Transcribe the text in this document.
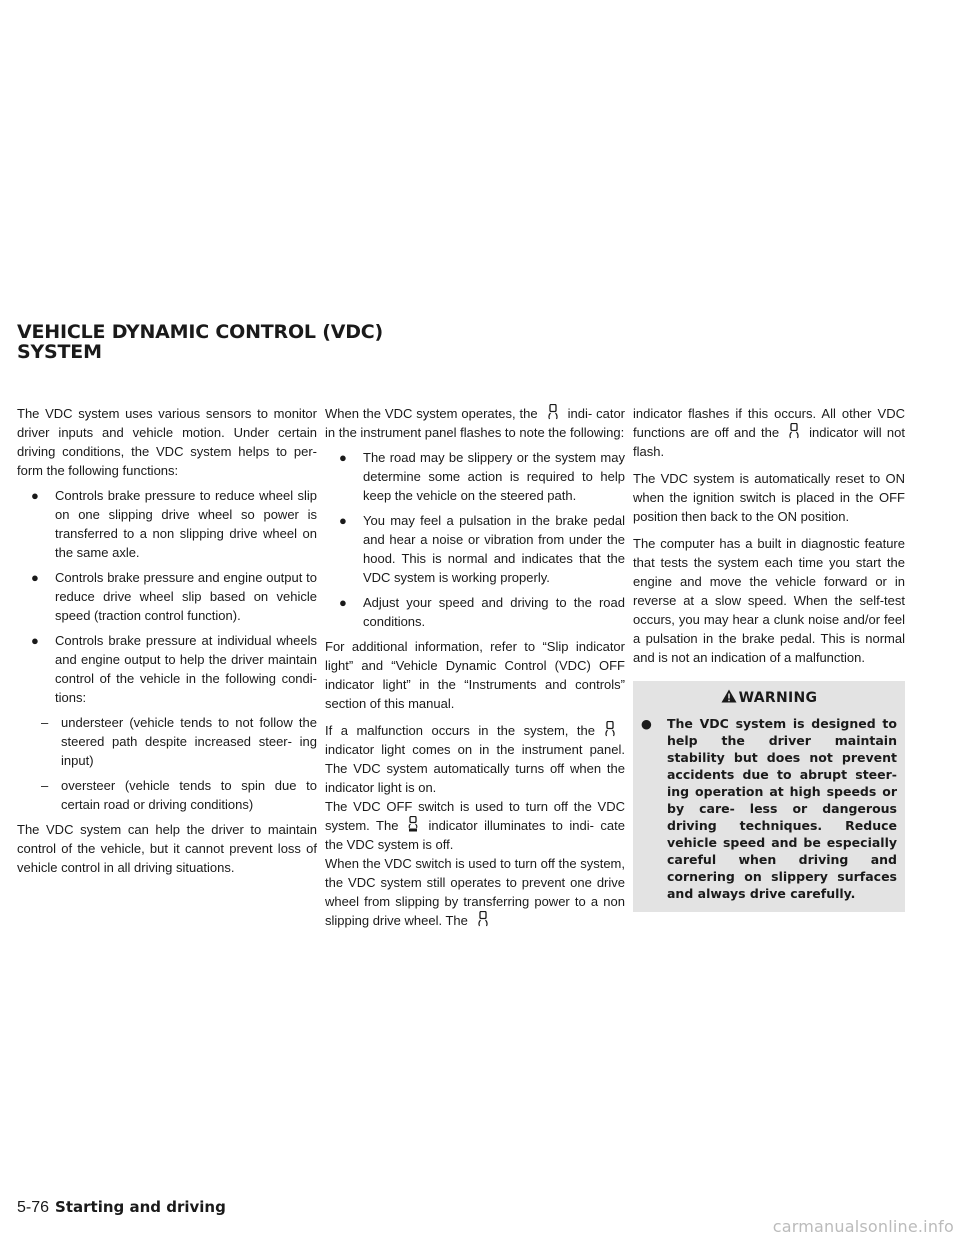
VEHICLE DYNAMIC CONTROL (VDC)
SYSTEM

The VDC system uses various sensors to monitor driver inputs and vehicle motion. Under certain driving conditions, the VDC system helps to per- form the following functions:

● Controls brake pressure to reduce wheel slip on one slipping drive wheel so power is transferred to a non slipping drive wheel on the same axle.

● Controls brake pressure and engine output to reduce drive wheel slip based on vehicle speed (traction control function).

● Controls brake pressure at individual wheels and engine output to help the driver maintain control of the vehicle in the following condi- tions:

– understeer (vehicle tends to not follow the steered path despite increased steer- ing input)

– oversteer (vehicle tends to spin due to certain road or driving conditions)

The VDC system can help the driver to maintain control of the vehicle, but it cannot prevent loss of vehicle control in all driving situations.

When the VDC system operates, the indi- cator in the instrument panel flashes to note the following:

● The road may be slippery or the system may determine some action is required to help keep the vehicle on the steered path.

● You may feel a pulsation in the brake pedal and hear a noise or vibration from under the hood. This is normal and indicates that the VDC system is working properly.

● Adjust your speed and driving to the road conditions.

For additional information, refer to “Slip indicator light” and “Vehicle Dynamic Control (VDC) OFF indicator light” in the “Instruments and controls” section of this manual.

If a malfunction occurs in the system, the
indicator light comes on in the instrument panel. The VDC system automatically turns off when the indicator light is on.

The VDC OFF switch is used to turn off the VDC system. The indicator illuminates to indi- cate the VDC system is off.

When the VDC switch is used to turn off the system, the VDC system still operates to prevent one drive wheel from slipping by transferring power to a non slipping drive wheel. The

indicator flashes if this occurs. All other VDC functions are off and the indicator will not flash.

The VDC system is automatically reset to ON when the ignition switch is placed in the OFF position then back to the ON position.

The computer has a built in diagnostic feature that tests the system each time you start the engine and move the vehicle forward or in reverse at a slow speed. When the self-test occurs, you may hear a clunk noise and/or feel a pulsation in the brake pedal. This is normal and is not an indication of a malfunction.

WARNING

● The VDC system is designed to help the driver maintain stability but does not prevent accidents due to abrupt steer- ing operation at high speeds or by care- less or dangerous driving techniques. Reduce vehicle speed and be especially careful when driving and cornering on slippery surfaces and always drive carefully.

5-76 Starting and driving
carmanualsonline.info
